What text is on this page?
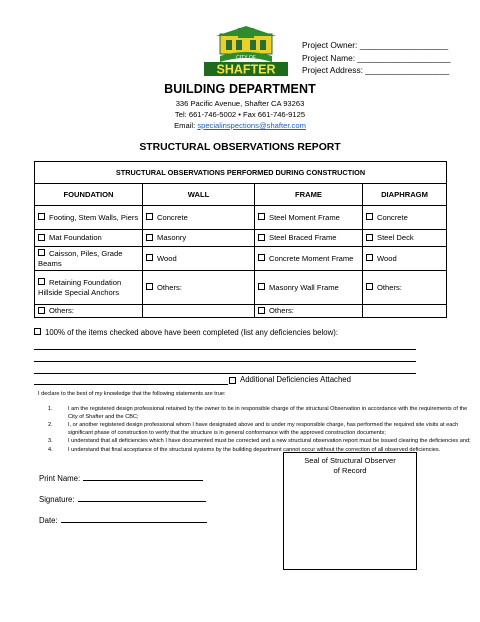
CITY OF
SHAFTER
Project Owner: ___________________
Project Name: ____________________
Project Address: __________________
BUILDING DEPARTMENT
336 Pacific Avenue, Shafter CA 93263
Tel: 661-746-5002 • Fax 661-746-9125
Email: specialinspections@shafter.com
STRUCTURAL OBSERVATIONS REPORT
STRUCTURAL OBSERVATIONS PERFORMED DURING CONSTRUCTION			
FOUNDATION	WALL	FRAME	DIAPHRAGM
Footing, Stem Walls, Piers	Concrete	Steel Moment Frame	Concrete
Mat Foundation	Masonry	Steel Braced Frame	Steel Deck
Caisson, Piles, Grade Beams	Wood	Concrete Moment Frame	Wood
Retaining Foundation Hillside Special Anchors	Others:	Masonry Wall Frame	Others:
Others:		Others:	
100% of the items checked above have been completed (list any deficiencies below):
Additional Deficiencies Attached
I declare to the best of my knowledge that the following statements are true:
1.	I am the registered design professional retained by the owner to be in responsible charge of the structural Observation in accordance with the requirements of the City of Shafter and the CBC;
2.	I, or another registered design professional whom I have designated above and is under my responsible charge, has performed the required site visits at each significant phase of construction to verify that the structure is in general conformance with the approved construction documents;
3.	I understand that all deficiencies which I have documented must be corrected and a new structural observation report must be issued clearing the deficiencies and;
4.	I understand that final acceptance of the structural systems by the building department cannot occur without the correction of all observed deficiencies.
Print Name:
Signature:
Date:
Seal of Structural Observer of Record
